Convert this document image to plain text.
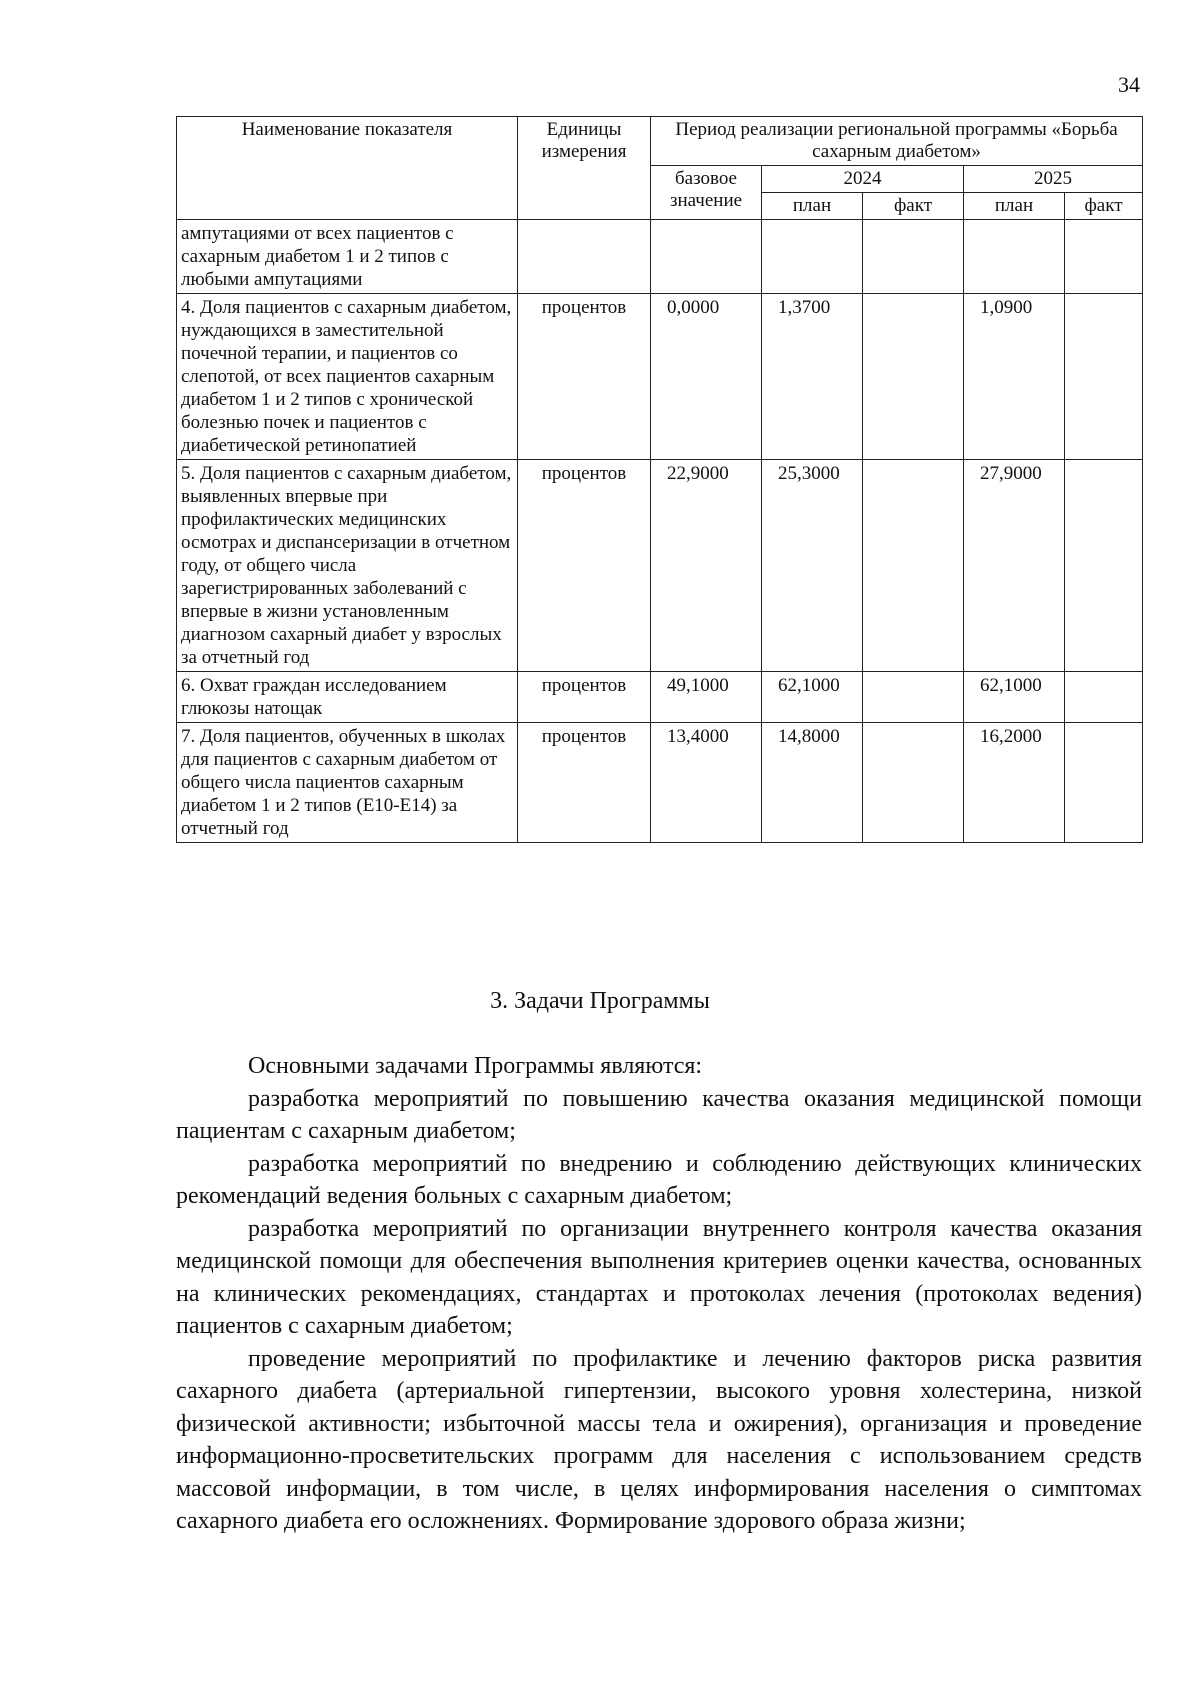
34
Наименование показателя	Единицы измерения	Период реализации региональной программы «Борьба сахарным диабетом»				
		базовое значение	2024		2025	
			план	факт	план	факт
ампутациями от всех пациентов с сахарным диабетом 1 и 2 типов с любыми ампутациями						
4. Доля пациентов с сахарным диабетом, нуждающихся в заместительной почечной терапии, и пациентов со слепотой, от всех пациентов сахарным диабетом 1 и 2 типов с хронической болезнью почек и пациентов с диабетической ретинопатией	процентов	0,0000	1,3700		1,0900	
5. Доля пациентов с сахарным диабетом, выявленных впервые при профилактических медицинских осмотрах и диспансеризации в отчетном году, от общего числа зарегистрированных заболеваний с впервые в жизни установленным диагнозом сахарный диабет у взрослых за отчетный год	процентов	22,9000	25,3000		27,9000	
6. Охват граждан исследованием глюкозы натощак	процентов	49,1000	62,1000		62,1000	
7. Доля пациентов, обученных в школах для пациентов с сахарным диабетом от общего числа пациентов сахарным диабетом 1 и 2 типов (E10-E14) за отчетный год	процентов	13,4000	14,8000		16,2000	
3. Задачи Программы

Основными задачами Программы являются:

разработка мероприятий по повышению качества оказания медицинской помощи пациентам с сахарным диабетом;

разработка мероприятий по внедрению и соблюдению действующих клинических рекомендаций ведения больных с сахарным диабетом;

разработка мероприятий по организации внутреннего контроля качества оказания медицинской помощи для обеспечения выполнения критериев оценки качества, основанных на клинических рекомендациях, стандартах и протоколах лечения (протоколах ведения) пациентов с сахарным диабетом;

проведение мероприятий по профилактике и лечению факторов риска развития сахарного диабета (артериальной гипертензии, высокого уровня холестерина, низкой физической активности; избыточной массы тела и ожирения), организация и проведение информационно-просветительских программ для населения с использованием средств массовой информации, в том числе, в целях информирования населения о симптомах сахарного диабета его осложнениях. Формирование здорового образа жизни;
